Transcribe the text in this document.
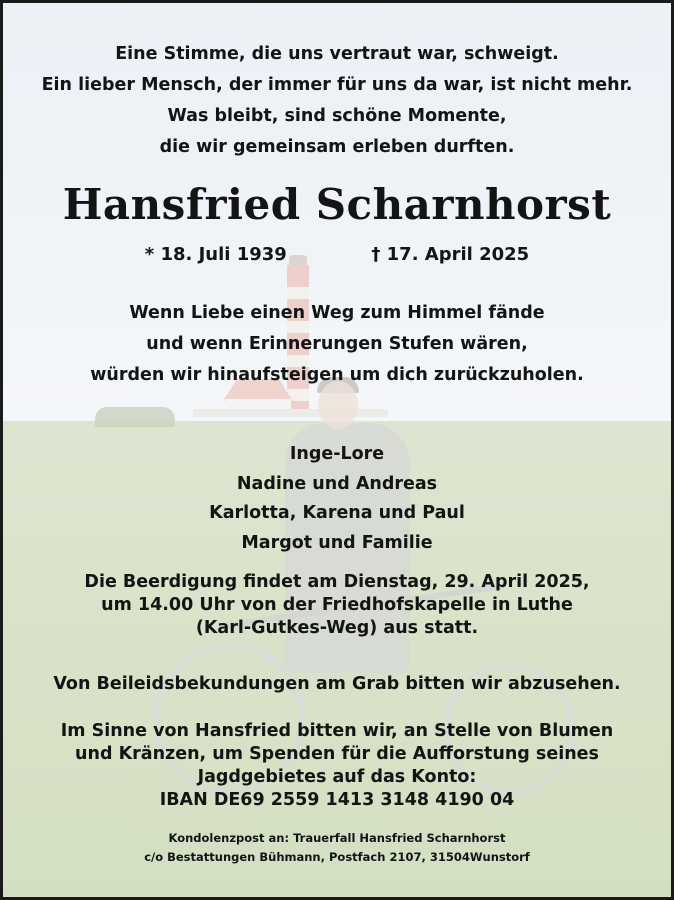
Eine Stimme, die uns vertraut war, schweigt.
Ein lieber Mensch, der immer für uns da war, ist nicht mehr.
Was bleibt, sind schöne Momente,
die wir gemeinsam erleben durften.

Hansfried Scharnhorst

* 18. Juli 1939	† 17. April 2025

Wenn Liebe einen Weg zum Himmel fände
und wenn Erinnerungen Stufen wären,
würden wir hinaufsteigen um dich zurückzuholen.

Inge-Lore
Nadine und Andreas
Karlotta, Karena und Paul
Margot und Familie

Die Beerdigung findet am Dienstag, 29. April 2025,
um 14.00 Uhr von der Friedhofskapelle in Luthe
(Karl-Gutkes-Weg) aus statt.

Von Beileidsbekundungen am Grab bitten wir abzusehen.

Im Sinne von Hansfried bitten wir, an Stelle von Blumen
und Kränzen, um Spenden für die Aufforstung seines
Jagdgebietes auf das Konto:
IBAN DE69 2559 1413 3148 4190 04

Kondolenzpost an: Trauerfall Hansfried Scharnhorst
c/o Bestattungen Bühmann, Postfach 2107, 31504Wunstorf
